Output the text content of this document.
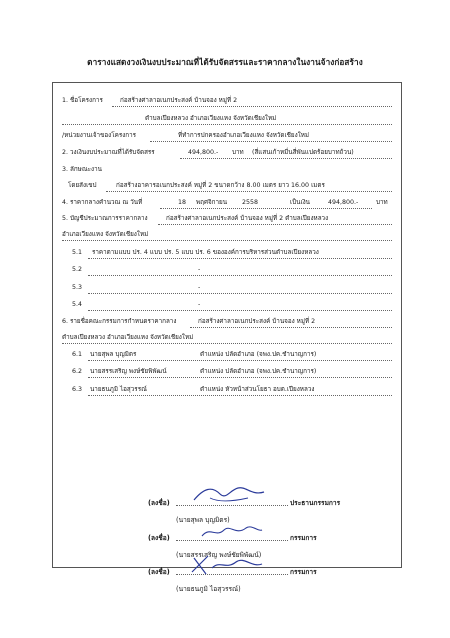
ตารางแสดงวงเงินงบประมาณที่ได้รับจัดสรรและราคากลางในงานจ้างก่อสร้าง
1. ชื่อโครงการ	ก่อสร้างศาลาอเนกประสงค์ บ้านจอง หมู่ที่ 2
ตำบลเปียงหลวง อำเภอเวียงแหง จังหวัดเชียงใหม่
/หน่วยงานเจ้าของโครงการ	ที่ทำการปกครองอำเภอเวียงแหง จังหวัดเชียงใหม่
2. วงเงินงบประมาณที่ได้รับจัดสรร	494,800.- บาท (สี่แสนเก้าหมื่นสี่พันแปดร้อยบาทถ้วน)
3. ลักษณะงาน
โดยสังเขป	ก่อสร้างอาคารอเนกประสงค์ หมู่ที่ 2 ขนาดกว้าง 8.00 เมตร ยาว 16.00 เมตร
4. ราคากลางคำนวณ ณ วันที่	18 พฤศจิกายน 2558	เป็นเงิน	494,800.-	บาท
5. บัญชีประมาณการราคากลาง	ก่อสร้างศาลาอเนกประสงค์ บ้านจอง หมู่ที่ 2 ตำบลเปียงหลวง
อำเภอเวียงแหง จังหวัดเชียงใหม่
5.1 ราคาตามแบบ ปร. 4 แบบ ปร. 5 แบบ ปร. 6 ขององค์การบริหารส่วนตำบลเปียงหลวง
5.2	-
5.3	-
5.4	-
6. รายชื่อคณะกรรมการกำหนดราคากลาง	ก่อสร้างศาลาอเนกประสงค์ บ้านจอง หมู่ที่ 2
ตำบลเปียงหลวง อำเภอเวียงแหง จังหวัดเชียงใหม่
6.1 นายสุพล บุญมิตร	ตำแหน่ง ปลัดอำเภอ (จพง.ปค.ชำนาญการ)
6.2 นายสรรเสริญ พงษ์ชัยพิพัฒน์	ตำแหน่ง ปลัดอำเภอ (จพง.ปค.ชำนาญการ)
6.3 นายธนภูมิ ไอสุวรรณ์	ตำแหน่ง หัวหน้าส่วนโยธา อบต.เปียงหลวง
(ลงชื่อ)	ประธานกรรมการ
(นายสุพล บุญมิตร)
(ลงชื่อ)	กรรมการ
(นายสรรเสริญ พงษ์ชัยพิพัฒน์)
(ลงชื่อ)	กรรมการ
(นายธนภูมิ ไอสุวรรณ์)
